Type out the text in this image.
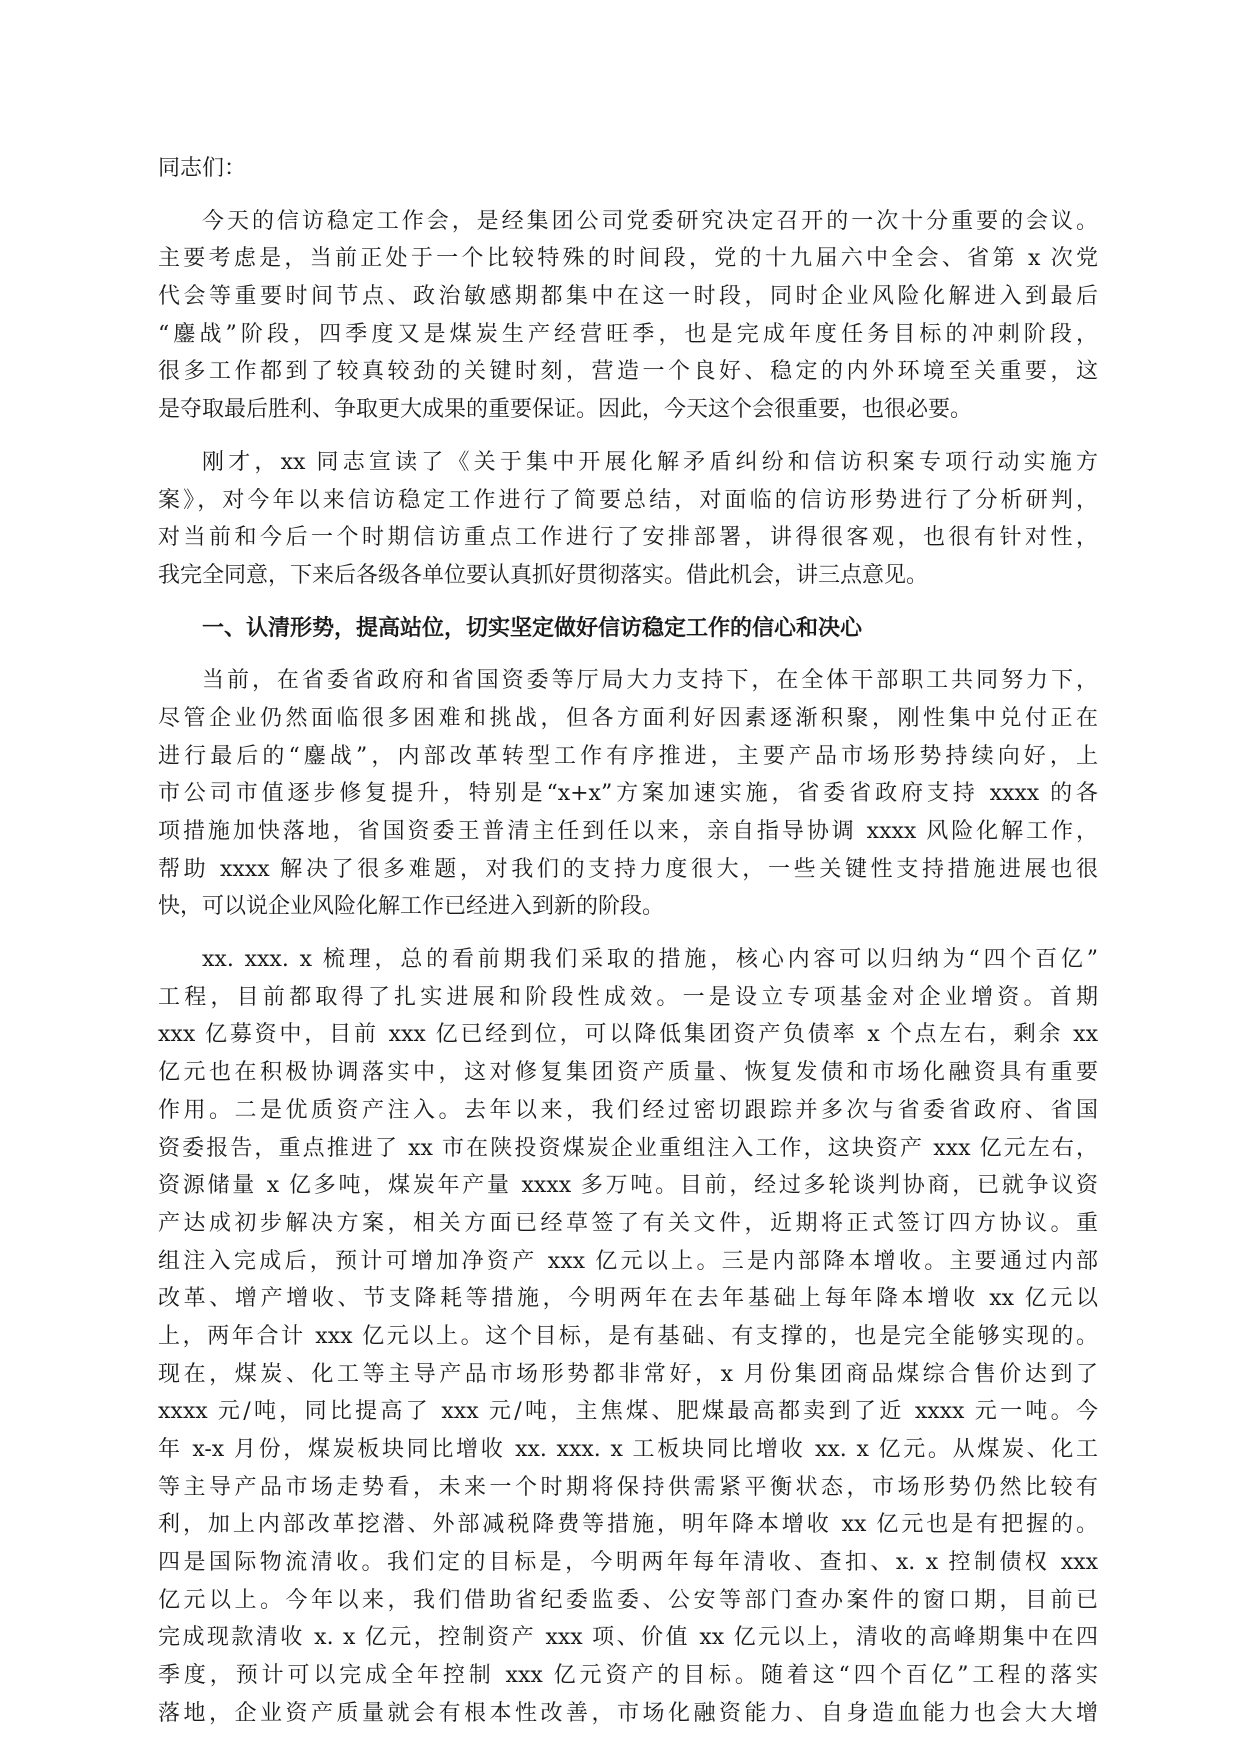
同志们：
今天的信访稳定工作会，是经集团公司党委研究决定召开的一次十分重要的会议。
主要考虑是，当前正处于一个比较特殊的时间段，党的十九届六中全会、省第 x 次党
代会等重要时间节点、政治敏感期都集中在这一时段，同时企业风险化解进入到最后
“鏖战”阶段，四季度又是煤炭生产经营旺季，也是完成年度任务目标的冲刺阶段，
很多工作都到了较真较劲的关键时刻，营造一个良好、稳定的内外环境至关重要，这
是夺取最后胜利、争取更大成果的重要保证。因此，今天这个会很重要，也很必要。
刚才，xx 同志宣读了《关于集中开展化解矛盾纠纷和信访积案专项行动实施方
案》，对今年以来信访稳定工作进行了简要总结，对面临的信访形势进行了分析研判，
对当前和今后一个时期信访重点工作进行了安排部署，讲得很客观，也很有针对性，
我完全同意，下来后各级各单位要认真抓好贯彻落实。借此机会，讲三点意见。
一、认清形势，提高站位，切实坚定做好信访稳定工作的信心和决心
当前，在省委省政府和省国资委等厅局大力支持下，在全体干部职工共同努力下，
尽管企业仍然面临很多困难和挑战，但各方面利好因素逐渐积聚，刚性集中兑付正在
进行最后的“鏖战”，内部改革转型工作有序推进，主要产品市场形势持续向好，上
市公司市值逐步修复提升，特别是“x+x”方案加速实施，省委省政府支持 xxxx 的各
项措施加快落地，省国资委王普清主任到任以来，亲自指导协调 xxxx 风险化解工作，
帮助 xxxx 解决了很多难题，对我们的支持力度很大，一些关键性支持措施进展也很
快，可以说企业风险化解工作已经进入到新的阶段。
xx. xxx. x 梳理，总的看前期我们采取的措施，核心内容可以归纳为“四个百亿”
工程，目前都取得了扎实进展和阶段性成效。一是设立专项基金对企业增资。首期
xxx 亿募资中，目前 xxx 亿已经到位，可以降低集团资产负债率 x 个点左右，剩余 xx
亿元也在积极协调落实中，这对修复集团资产质量、恢复发债和市场化融资具有重要
作用。二是优质资产注入。去年以来，我们经过密切跟踪并多次与省委省政府、省国
资委报告，重点推进了 xx 市在陕投资煤炭企业重组注入工作，这块资产 xxx 亿元左右，
资源储量 x 亿多吨，煤炭年产量 xxxx 多万吨。目前，经过多轮谈判协商，已就争议资
产达成初步解决方案，相关方面已经草签了有关文件，近期将正式签订四方协议。重
组注入完成后，预计可增加净资产 xxx 亿元以上。三是内部降本增收。主要通过内部
改革、增产增收、节支降耗等措施，今明两年在去年基础上每年降本增收 xx 亿元以
上，两年合计 xxx 亿元以上。这个目标，是有基础、有支撑的，也是完全能够实现的。
现在，煤炭、化工等主导产品市场形势都非常好，x 月份集团商品煤综合售价达到了
xxxx 元/吨，同比提高了 xxx 元/吨，主焦煤、肥煤最高都卖到了近 xxxx 元一吨。今
年 x-x 月份，煤炭板块同比增收 xx. xxx. x 工板块同比增收 xx. x 亿元。从煤炭、化工
等主导产品市场走势看，未来一个时期将保持供需紧平衡状态，市场形势仍然比较有
利，加上内部改革挖潜、外部减税降费等措施，明年降本增收 xx 亿元也是有把握的。
四是国际物流清收。我们定的目标是，今明两年每年清收、查扣、x. x 控制债权 xxx
亿元以上。今年以来，我们借助省纪委监委、公安等部门查办案件的窗口期，目前已
完成现款清收 x. x 亿元，控制资产 xxx 项、价值 xx 亿元以上，清收的高峰期集中在四
季度，预计可以完成全年控制 xxx 亿元资产的目标。随着这“四个百亿”工程的落实
落地，企业资产质量就会有根本性改善，市场化融资能力、自身造血能力也会大大增
